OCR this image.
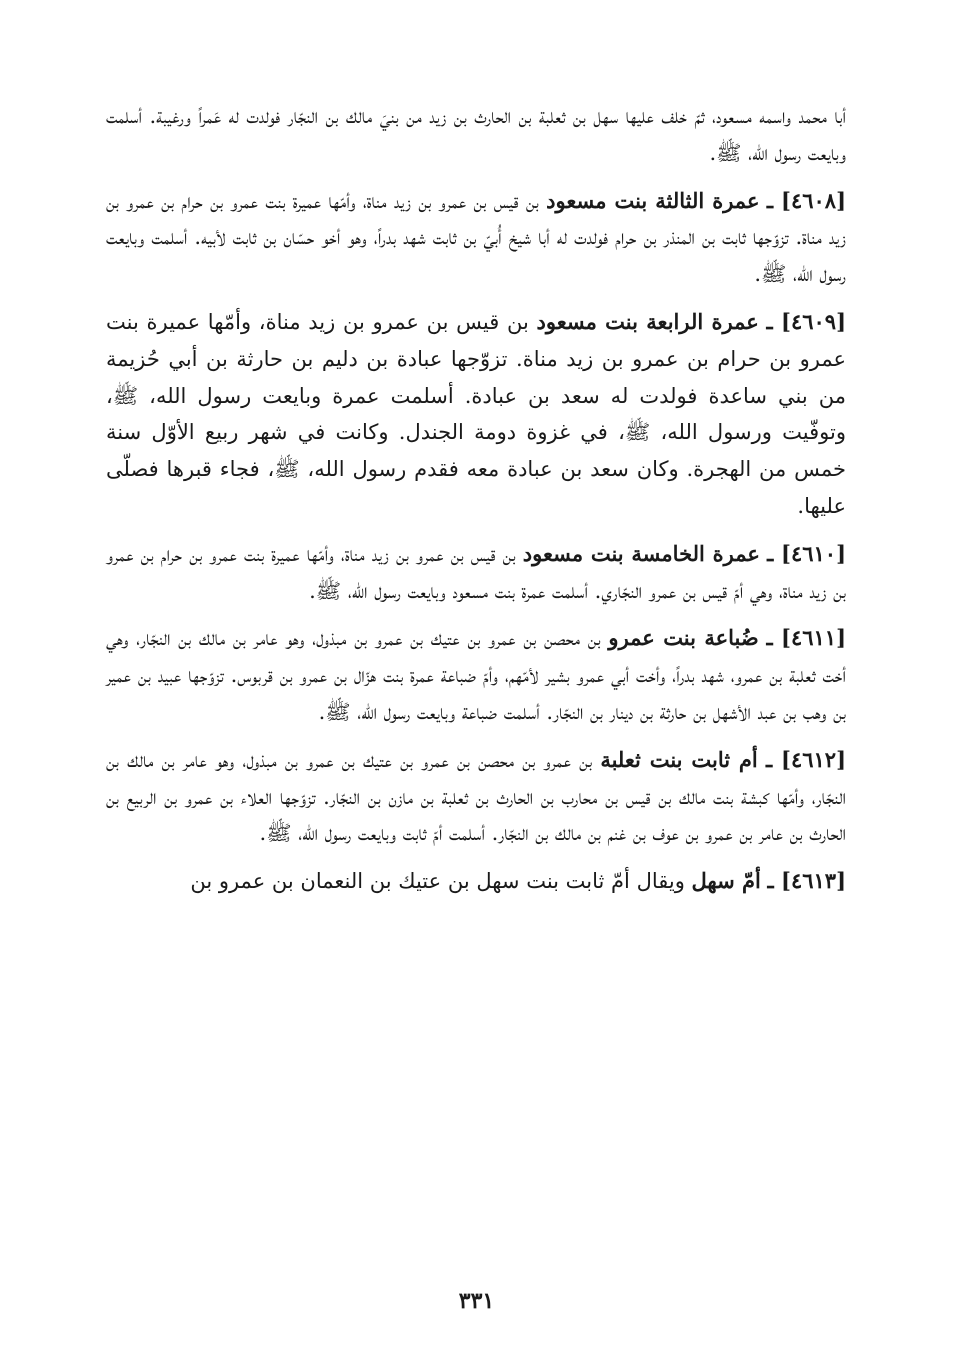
أبا محمد واسمه مسعود، ثمّ خلف عليها سهل بن ثعلبة بن الحارث بن زيد من بنيَ مالك بن النجّار فولدت له عَمراً ورغيبة. أسلمت وبايعت رسول الله، ﷺ.

[٤٦٠٨] ـ عمرة الثالثة بنت مسعود بن قيس بن عمرو بن زيد مناة، وأمّها عميرة بنت عمرو بن حرام بن عمرو بن زيد مناة. تزوّجها ثابت بن المنذر بن حرام فولدت له أبا شيخ أُبيّ بن ثابت شهد بدراً، وهو أخو حسّان بن ثابت لأبيه. أسلمت وبايعت رسول الله، ﷺ.

[٤٦٠٩] ـ عمرة الرابعة بنت مسعود بن قيس بن عمرو بن زيد مناة، وأمّها عميرة بنت عمرو بن حرام بن عمرو بن زيد مناة. تزوّجها عبادة بن دليم بن حارثة بن أبي حُزيمة من بني ساعدة فولدت له سعد بن عبادة. أسلمت عمرة وبايعت رسول الله، ﷺ، وتوفّيت ورسول الله، ﷺ، في غزوة دومة الجندل. وكانت في شهر ربيع الأوّل سنة خمس من الهجرة. وكان سعد بن عبادة معه فقدم رسول الله، ﷺ، فجاء قبرها فصلّى عليها.

[٤٦١٠] ـ عمرة الخامسة بنت مسعود بن قيس بن عمرو بن زيد مناة، وأمّها عميرة بنت عمرو بن حرام بن عمرو بن زيد مناة، وهي أمّ قيس بن عمرو النجّاري. أسلمت عمرة بنت مسعود وبايعت رسول الله، ﷺ.

[٤٦١١] ـ ضُباعة بنت عمرو بن محصن بن عمرو بن عتيك بن عمرو بن مبذول، وهو عامر بن مالك بن النجّار، وهي أخت ثعلبة بن عمرو، شهد بدراً، وأخت أبي عمرو بشير لأمّهم، وأمّ ضباعة عمرة بنت هزّال بن عمرو بن قربوس. تزوّجها عبيد بن عمير بن وهب بن عبد الأشهل بن حارثة بن دينار بن النجّار. أسلمت ضباعة وبايعت رسول الله، ﷺ.

[٤٦١٢] ـ أم ثابت بنت ثعلبة بن عمرو بن محصن بن عمرو بن عتيك بن عمرو بن مبذول، وهو عامر بن مالك بن النجّار، وأمّها كبشة بنت مالك بن قيس بن محارب بن الحارث بن ثعلبة بن مازن بن النجّار. تزوّجها العلاء بن عمرو بن الربيع بن الحارث بن عامر بن عمرو بن عوف بن غنم بن مالك بن النجّار. أسلمت أمّ ثابت وبايعت رسول الله، ﷺ.

[٤٦١٣] ـ أمّ سهل ويقال أمّ ثابت بنت سهل بن عتيك بن النعمان بن عمرو بن

٣٣١
